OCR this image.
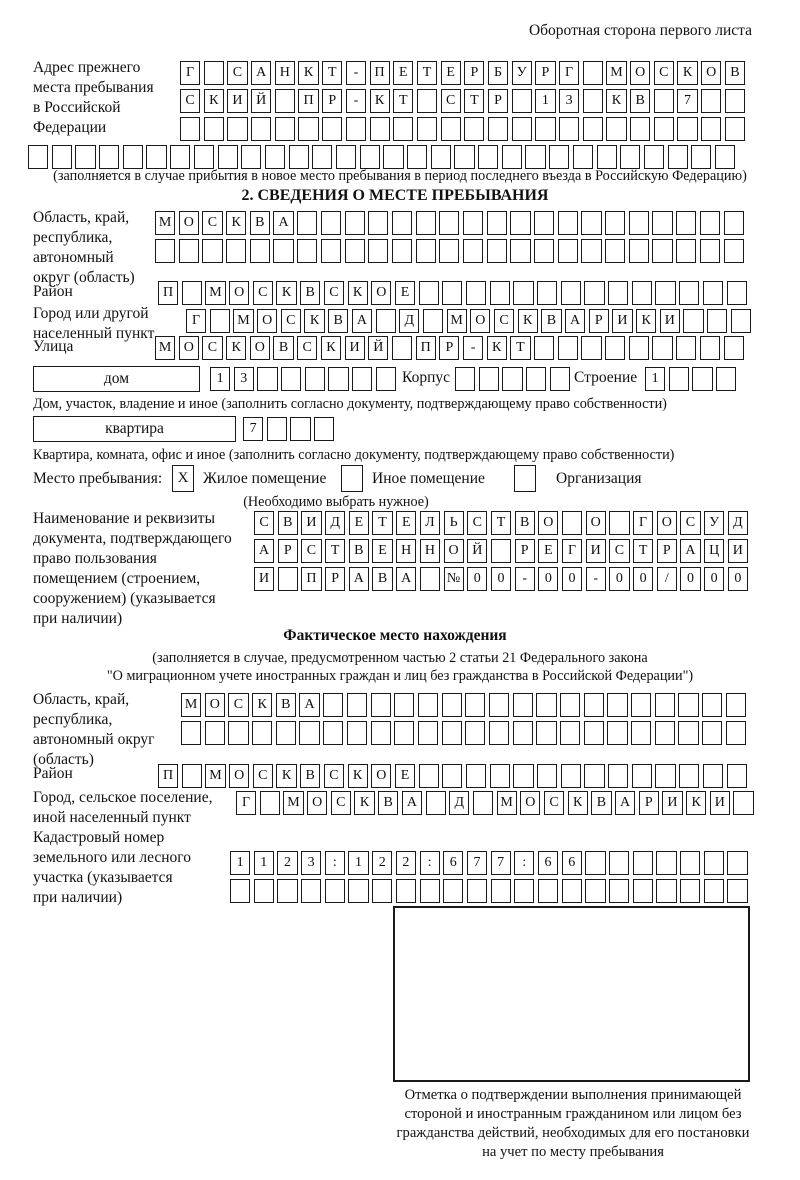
Оборотная сторона первого листа
Адрес прежнего
места пребывания
в Российской
Федерации
Г	С А Н К	Т	-	П	Е	Т	Е	Р	Б	У	Р	Г	М О С	К О В
С	К И Й	П	Р	-	К	Т	С	Т	Р	1	3	К	В	7
(заполняется в случае прибытия в новое место пребывания в период последнего въезда в Российскую Федерацию)
2. СВЕДЕНИЯ О МЕСТЕ ПРЕБЫВАНИЯ
Область, край,
республика,
автономный
округ (область)
М О С	К	В А
Район	П	М О С	К	В	С	К О	Е
Город или другой
населенный пункт
Г	М О С	К	В А	Д	М О С	К	В А	Р	И К И
Улица	М О С	К О В	С	К И Й	П	Р	-	К	Т
дом	1	3	Корпус	Строение	1
Дом, участок, владение и иное (заполнить согласно документу, подтверждающему право собственности)
квартира	7
Квартира, комната, офис и иное (заполнить согласно документу, подтверждающему право собственности)
Место пребывания:	X Жилое помещение	Иное помещение	Организация
(Необходимо выбрать нужное)
Наименование и реквизиты
документа, подтверждающего
право пользования
помещением (строением,
сооружением) (указывается
при наличии)
С	В И Д	Е	Т	Е	Л	Ь	С	Т	В О	О	Г	О С	У Д
А	Р	С	Т	В	Е	Н Н О Й	Р	Е	Г	И С	Т	Р	А Ц И
И	П	Р	А В А	№ 0	0	-	0	0	-	0	0	/	0	0	0
Фактическое место нахождения
(заполняется в случае, предусмотренном частью 2 статьи 21 Федерального закона
"О миграционном учете иностранных граждан и лиц без гражданства в Российской Федерации")
Область, край,
республика,
автономный округ
(область)
М О С	К	В А
Район	П	М О С	К	В	С	К О	Е
Город, сельское поселение,
иной населенный пункт
Г	М О С	К	В А	Д	М О С	К	В А	Р	И К И
Кадастровый номер
земельного или лесного
участка (указывается
при наличии)
1	1	2	3	:	1	2	2	:	6	7	7	:	6	6
Отметка о подтверждении выполнения принимающей
стороной и иностранным гражданином или лицом без
гражданства действий, необходимых для его постановки
на учет по месту пребывания
